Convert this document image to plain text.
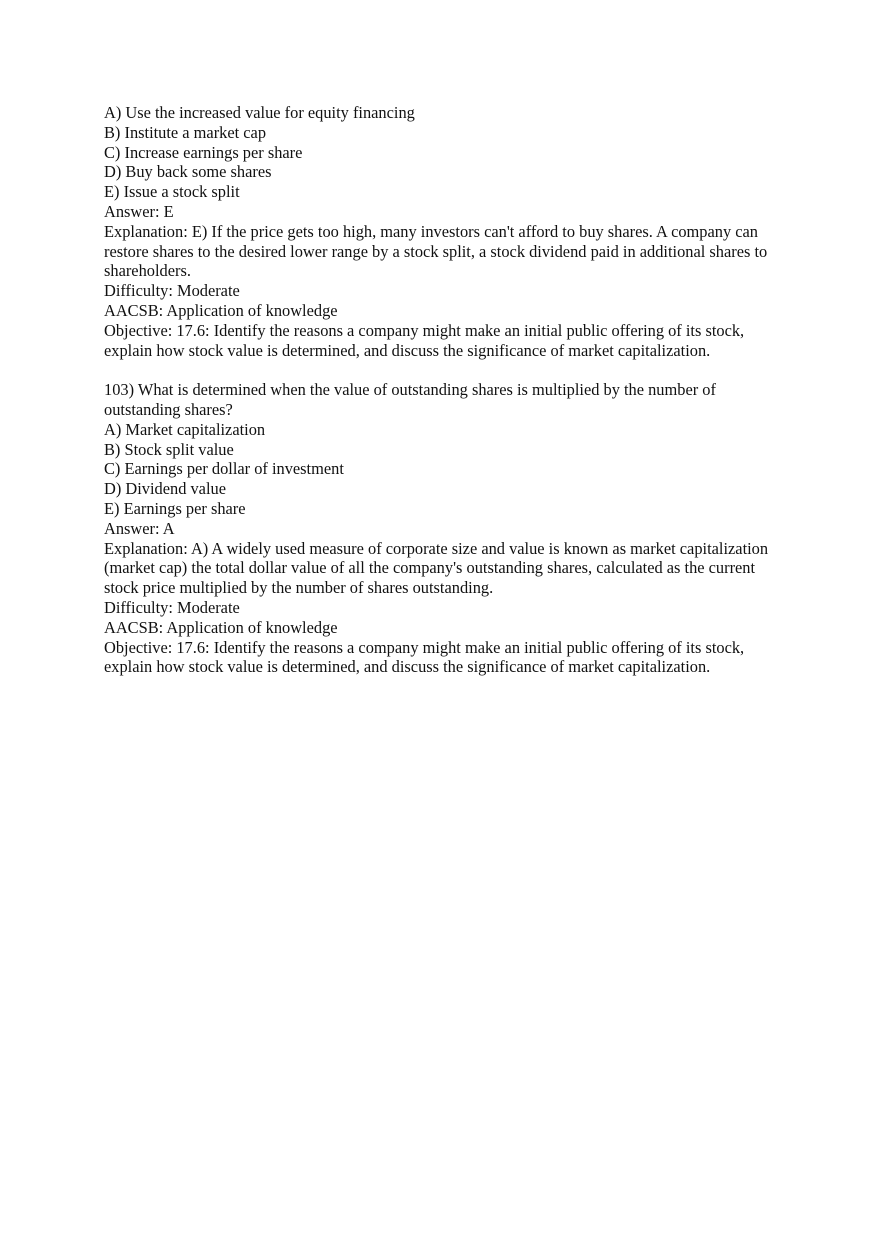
A) Use the increased value for equity financing

B) Institute a market cap

C) Increase earnings per share

D) Buy back some shares

E) Issue a stock split

Answer: E

Explanation: E) If the price gets too high, many investors can't afford to buy shares. A company can restore shares to the desired lower range by a stock split, a stock dividend paid in additional shares to shareholders.

Difficulty: Moderate

AACSB: Application of knowledge

Objective: 17.6: Identify the reasons a company might make an initial public offering of its stock, explain how stock value is determined, and discuss the significance of market capitalization.

103) What is determined when the value of outstanding shares is multiplied by the number of outstanding shares?

A) Market capitalization

B) Stock split value

C) Earnings per dollar of investment

D) Dividend value

E) Earnings per share

Answer: A

Explanation: A) A widely used measure of corporate size and value is known as market capitalization (market cap) the total dollar value of all the company's outstanding shares, calculated as the current stock price multiplied by the number of shares outstanding.

Difficulty: Moderate

AACSB: Application of knowledge

Objective: 17.6: Identify the reasons a company might make an initial public offering of its stock, explain how stock value is determined, and discuss the significance of market capitalization.
